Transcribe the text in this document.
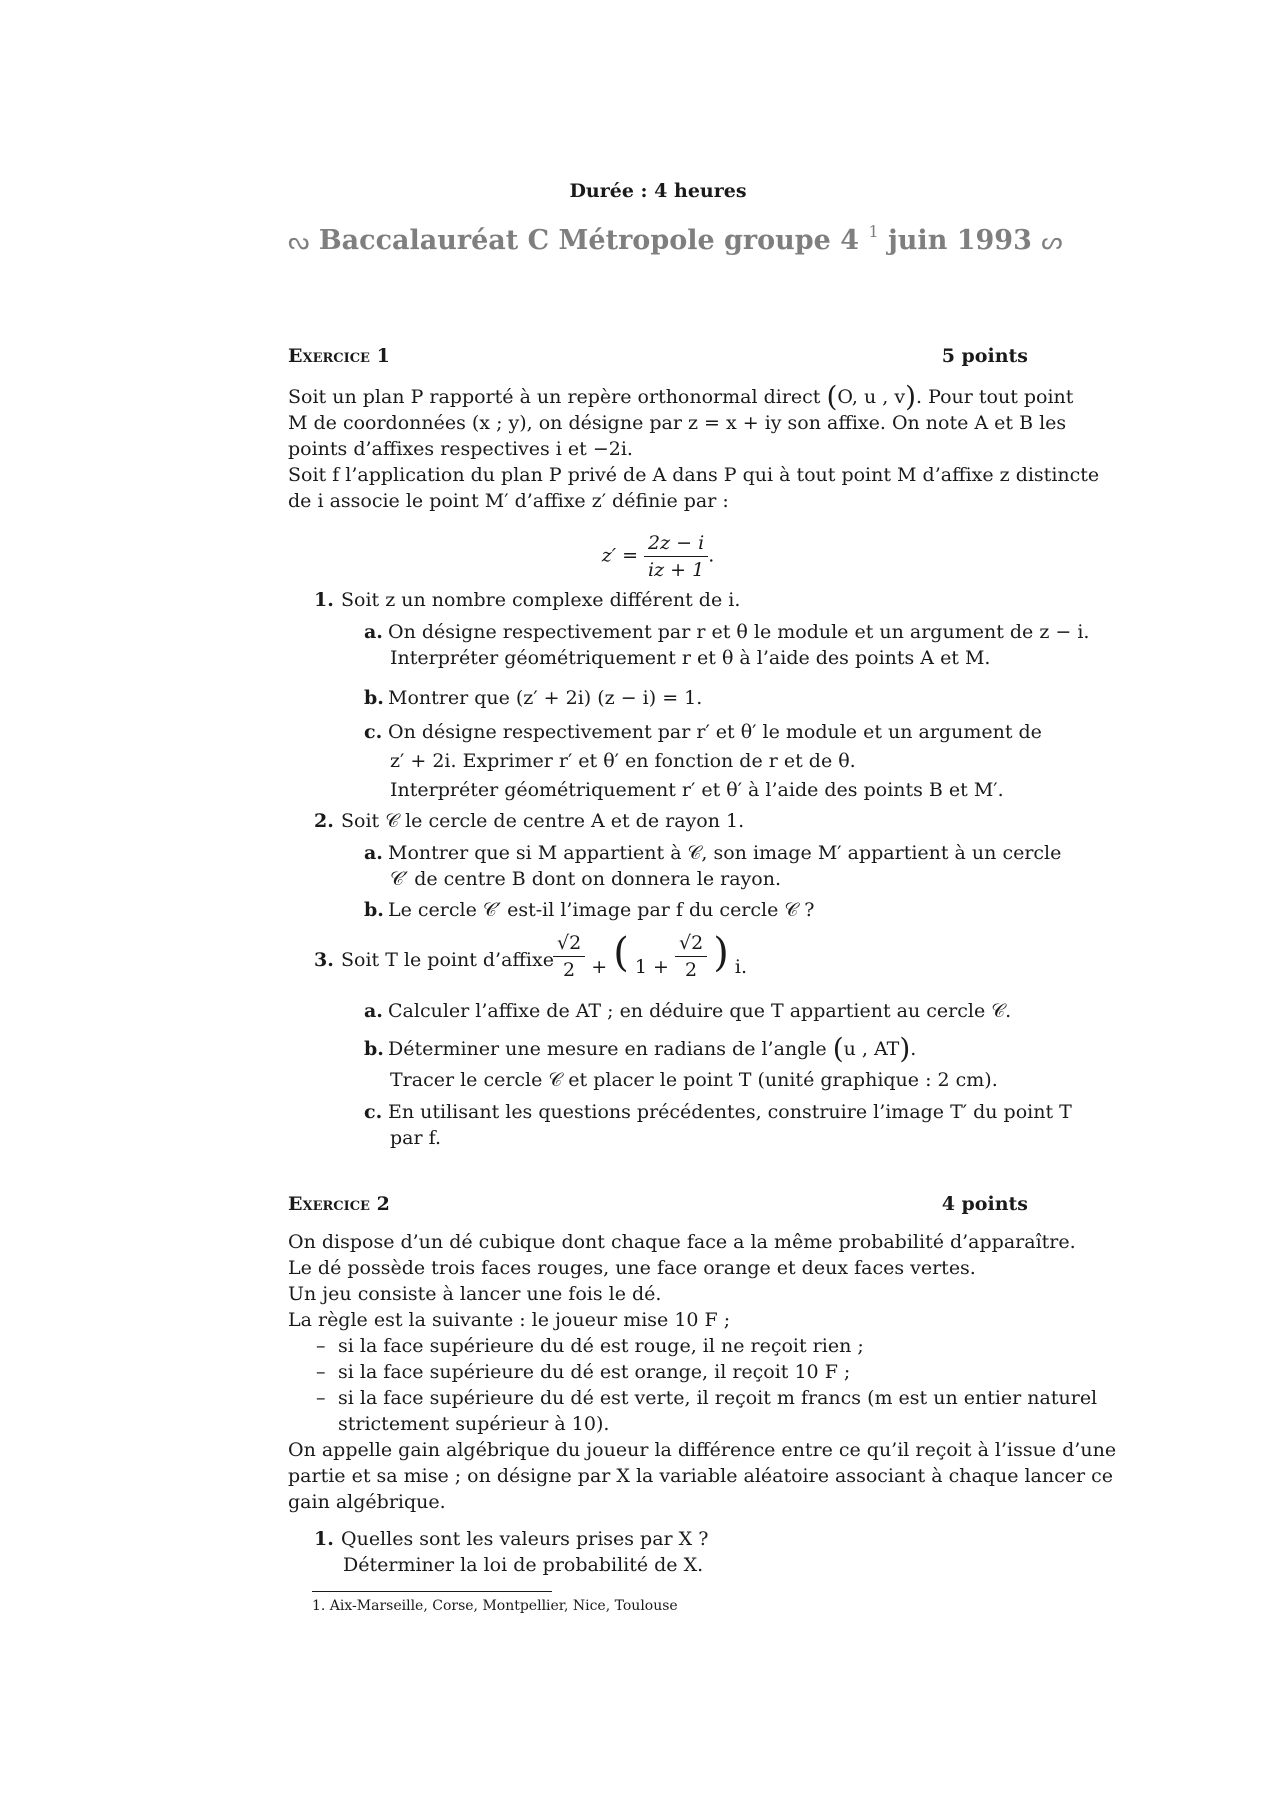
Durée : 4 heures
ᔓ Baccalauréat C Métropole groupe 4 $^1$ juin 1993 ᔕ
Exercice 1	5 points
Soit un plan P rapporté à un repère orthonormal direct (O, u , v). Pour tout point
M de coordonnées (x ; y), on désigne par z = x + iy son affixe. On note A et B les
points d’affixes respectives i et −2i.
Soit f l’application du plan P privé de A dans P qui à tout point M d’affixe z distincte
de i associe le point M′ d’affixe z′ définie par :
$z' = \frac{2z - i}{iz + 1}$ .
1. Soit z un nombre complexe différent de i.
a. On désigne respectivement par r et θ le module et un argument de z − i.
Interpréter géométriquement r et θ à l’aide des points A et M.
b. Montrer que (z′ + 2i) (z − i) = 1.
c. On désigne respectivement par r′ et θ′ le module et un argument de
z′ + 2i. Exprimer r′ et θ′ en fonction de r et de θ.
Interpréter géométriquement r′ et θ′ à l’aide des points B et M′.
2. Soit 𝒞 le cercle de centre A et de rayon 1.
a. Montrer que si M appartient à 𝒞, son image M′ appartient à un cercle
𝒞′ de centre B dont on donnera le rayon.
b. Le cercle 𝒞′ est-il l’image par f du cercle 𝒞 ?
3. Soit T le point d’affixe $\frac{√2}{2}$ + ( $1 + \frac{√2}{2}$ ) i.
a. Calculer l’affixe de AT ; en déduire que T appartient au cercle 𝒞.
b. Déterminer une mesure en radians de l’angle (u , AT).
Tracer le cercle 𝒞 et placer le point T (unité graphique : 2 cm).
c. En utilisant les questions précédentes, construire l’image T′ du point T
par f.
Exercice 2	4 points
On dispose d’un dé cubique dont chaque face a la même probabilité d’apparaître.
Le dé possède trois faces rouges, une face orange et deux faces vertes.
Un jeu consiste à lancer une fois le dé.
La règle est la suivante : le joueur mise 10 F ;
– si la face supérieure du dé est rouge, il ne reçoit rien ;
– si la face supérieure du dé est orange, il reçoit 10 F ;
– si la face supérieure du dé est verte, il reçoit m francs (m est un entier naturel
strictement supérieur à 10).
On appelle gain algébrique du joueur la différence entre ce qu’il reçoit à l’issue d’une
partie et sa mise ; on désigne par X la variable aléatoire associant à chaque lancer ce
gain algébrique.
1. Quelles sont les valeurs prises par X ?
Déterminer la loi de probabilité de X.
1. Aix-Marseille, Corse, Montpellier, Nice, Toulouse
